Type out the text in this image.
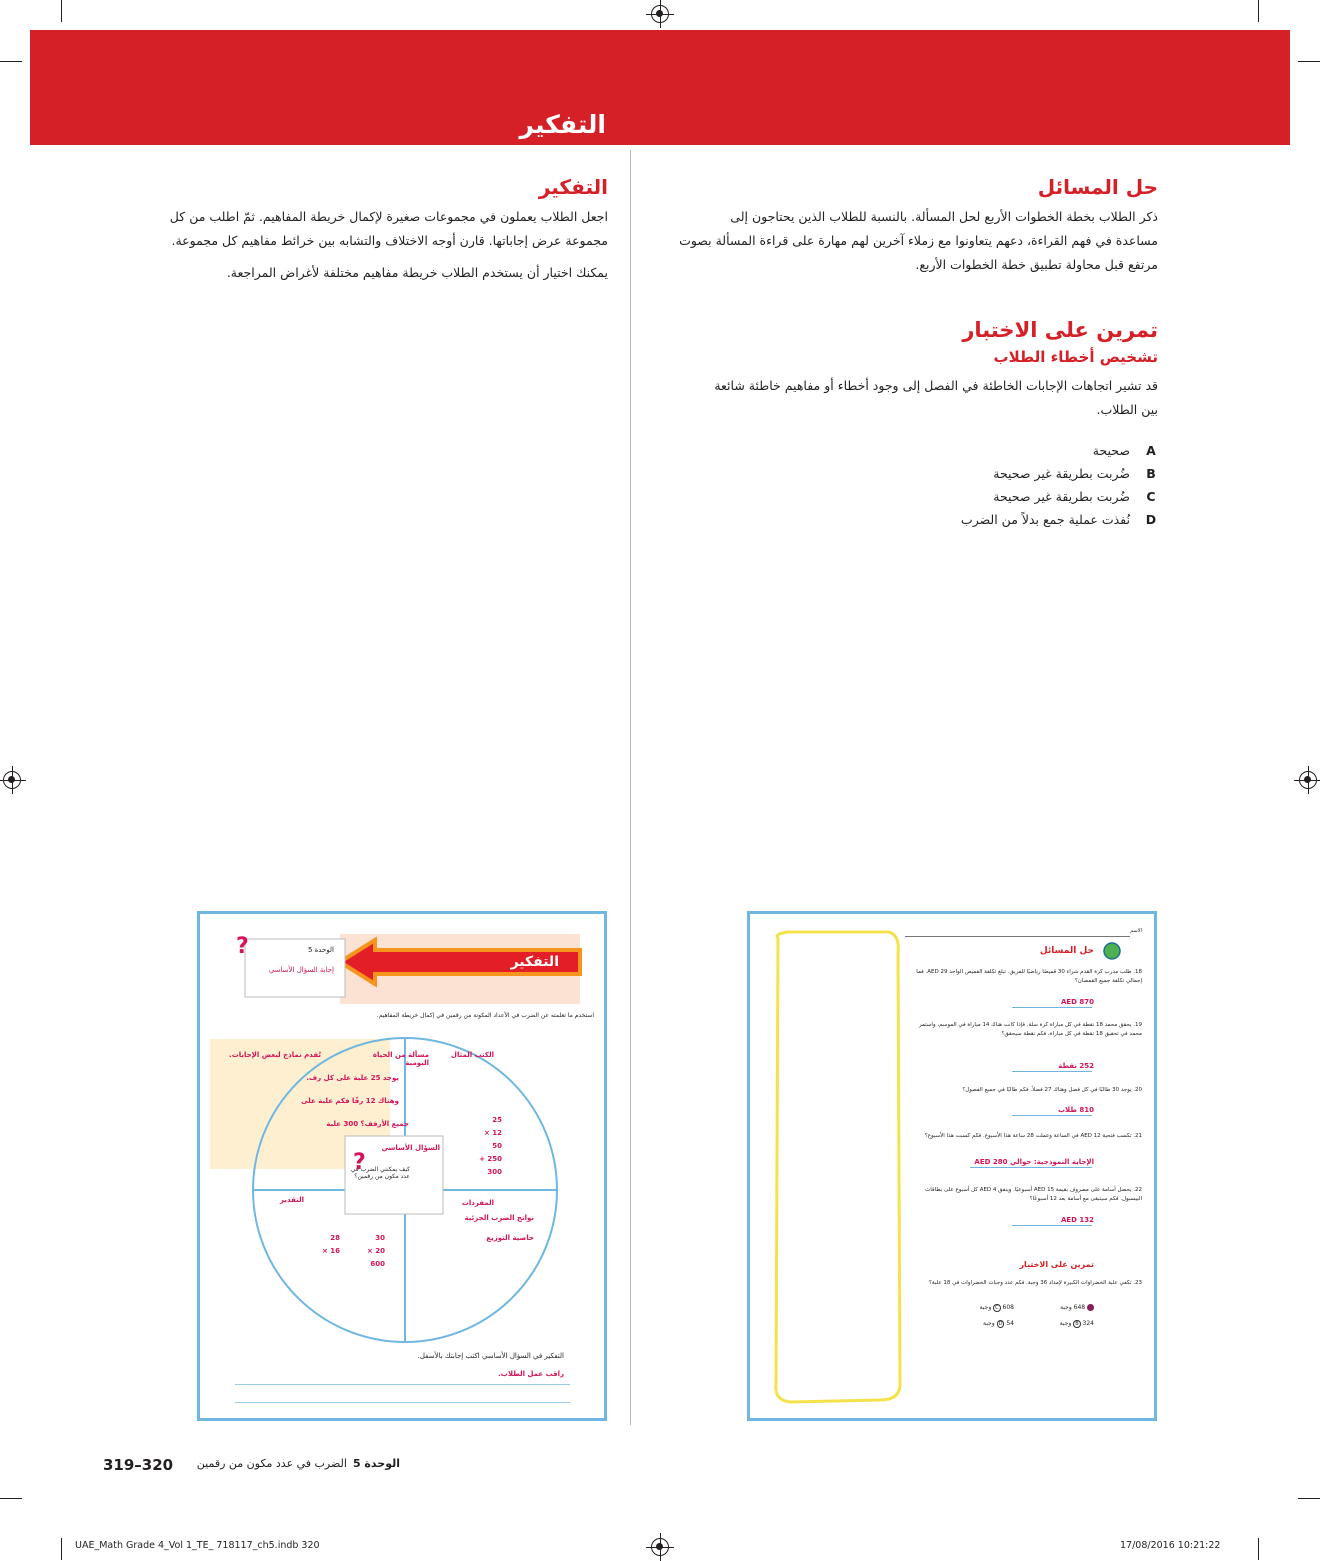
التفكير
حل المسائل
ذكر الطلاب بخطة الخطوات الأربع لحل المسألة. بالنسبة للطلاب الذين يحتاجون إلى
مساعدة في فهم القراءة، دعهم يتعاونوا مع زملاء آخرين لهم مهارة على قراءة المسألة بصوت
مرتفع قبل محاولة تطبيق خطة الخطوات الأربع.
تمرين على الاختبار
تشخيص أخطاء الطلاب
قد تشير اتجاهات الإجابات الخاطئة في الفصل إلى وجود أخطاء أو مفاهيم خاطئة شائعة
بين الطلاب.
A
صحيحة
B
ضُربت بطريقة غير صحيحة
C
ضُربت بطريقة غير صحيحة
D
نُفذت عملية جمع بدلاً من الضرب
التفكير
اجعل الطلاب يعملون في مجموعات صغيرة لإكمال خريطة المفاهيم. ثمّ اطلب من كل
مجموعة عرض إجاباتها. قارن أوجه الاختلاف والتشابه بين خرائط مفاهيم كل مجموعة.
يمكنك اختيار أن يستخدم الطلاب خريطة مفاهيم مختلفة لأغراض المراجعة.
الوحدة 5
إجابة السؤال الأساسي	التفكير
استخدم ما تعلمته عن الضرب في الأعداد المكونة من رقمين في إكمال خريطة المفاهيم.
تُقدم نماذج لبعض الإجابات.	مسألة من الحياة اليومية
الكتب المثال
يوجد 25 علبة على كل رف.
وهناك 12 رفًا فكم علبة على
جميع الأرفف؟ 300 علبة	25
× 12
50
+ 250
300
السؤال الأساسي
كيف يمكنني الضرب في عدد مكون من رقمين؟
?
?
التقدير	المفردات
نواتج الضرب الجزئية
خاصية التوزيع
28
× 16
30
× 20
600
التفكير في السؤال الأساسي اكتب إجابتك بالأسفل.
راقب عمل الطلاب.
الاسم
حل المسائل
18. طلب مدرب كرة القدم شراء 30 قميصًا رياضيًا للفريق. تبلغ تكلفة القميص الواحد AED 29. فما إجمالي تكلفة جميع القمصان؟
AED 870
19. يحقق محمد 18 نقطة في كل مباراة كرة سلة. فإذا كانت هناك 14 مباراة في الموسم، واستمر محمد في تحقيق 18 نقطة في كل مباراة، فكم نقطة سيحقق؟
252 نقطة
20. يوجد 30 طالبًا في كل فصل وهناك 27 فصلاً. فكم طالبًا في جميع الفصول؟
810 طلاب
21. تكسب فتحية AED 12 في الساعة وعملت 28 ساعة هذا الأسبوع. فكم كسبت هذا الأسبوع؟
الإجابة النموذجية: حوالي AED 280
22. يحصل أسامة على مصروف بقيمة AED 15 أسبوعيًا. وينفق AED 4 كل أسبوع على بطاقات البيسبول. فكم سيتبقى مع أسامة بعد 12 أسبوعًا؟
AED 132
تمرين على الاختبار
23. تكفي علبة الخضراوات الكبيرة لإمداد 36 وجبة. فكم عدد وجبات الخضراوات في 18 علبة؟
648 وجبة
C 608 وجبة
B 324 وجبة
D 54 وجبة
319–320	الوحدة 5
الضرب في عدد مكون من رقمين
UAE_Math Grade 4_Vol 1_TE_ 718117_ch5.indb 320	17/08/2016 10:21:22
